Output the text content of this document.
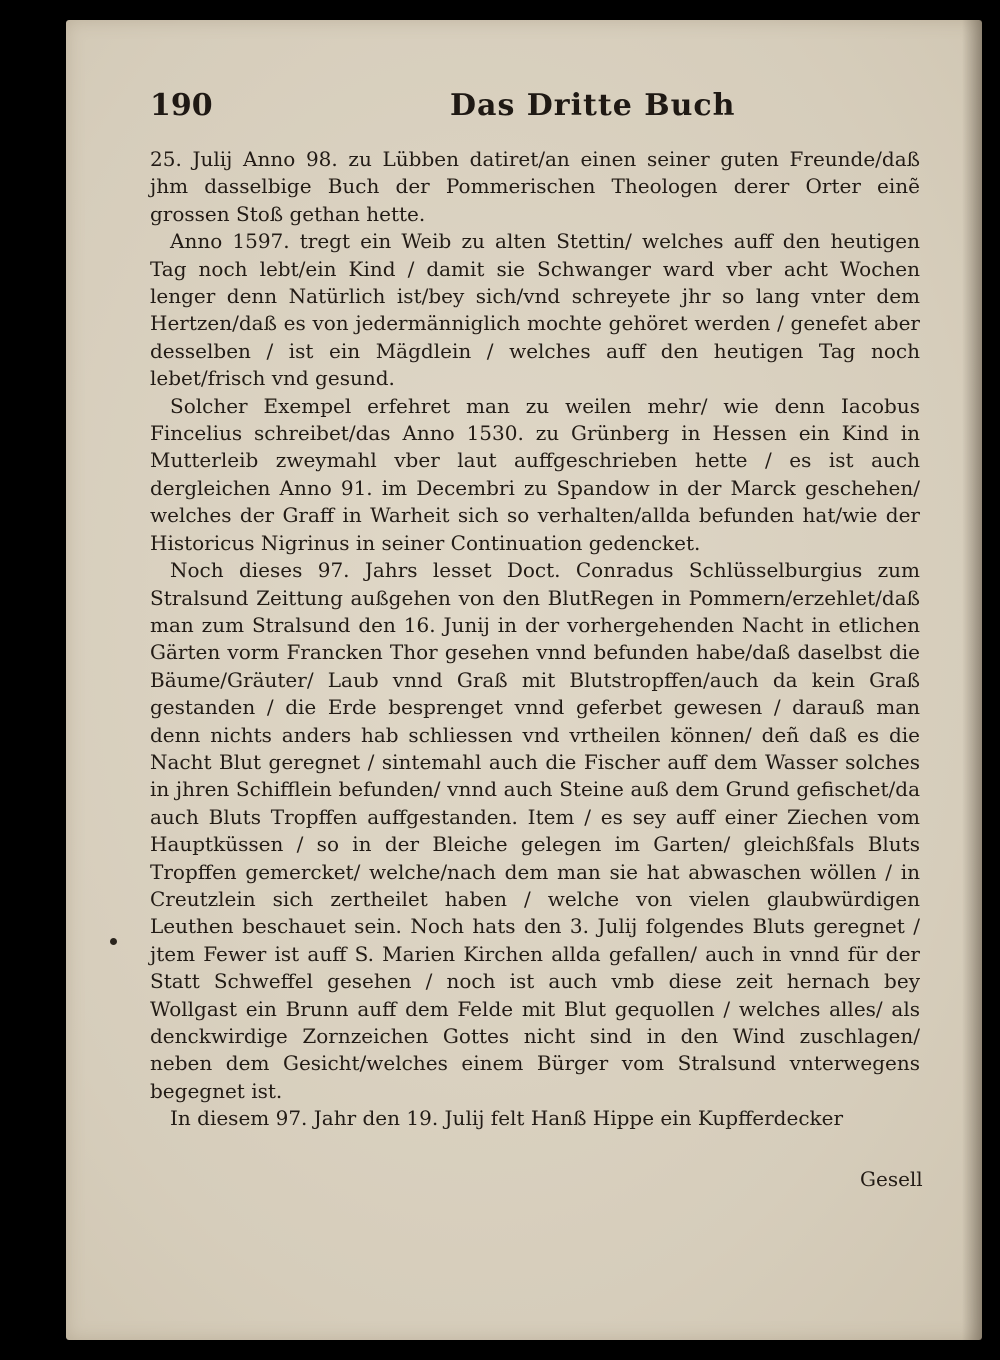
190	Das Dritte Buch

25. Julij Anno 98. zu Lübben datiret/an einen seiner guten Freunde/daß jhm dasselbige Buch der Pommerischen Theologen derer Orter einẽ grossen Stoß gethan hette.

Anno 1597. tregt ein Weib zu alten Stettin/ welches auff den heutigen Tag noch lebt/ein Kind / damit sie Schwanger ward vber acht Wochen lenger denn Natürlich ist/bey sich/vnd schreyete jhr so lang vnter dem Hertzen/daß es von jedermänniglich mochte gehöret werden / genefet aber desselben / ist ein Mägdlein / welches auff den heutigen Tag noch lebet/frisch vnd gesund.

Solcher Exempel erfehret man zu weilen mehr/ wie denn Iacobus Fincelius schreibet/das Anno 1530. zu Grünberg in Hessen ein Kind in Mutterleib zweymahl vber laut auffgeschrieben hette / es ist auch dergleichen Anno 91. im Decembri zu Spandow in der Marck geschehen/ welches der Graff in Warheit sich so verhalten/allda befunden hat/wie der Historicus Nigrinus in seiner Continuation gedencket.

Noch dieses 97. Jahrs lesset Doct. Conradus Schlüsselburgius zum Stralsund Zeittung außgehen von den BlutRegen in Pommern/erzehlet/daß man zum Stralsund den 16. Junij in der vorhergehenden Nacht in etlichen Gärten vorm Francken Thor gesehen vnnd befunden habe/daß daselbst die Bäume/Gräuter/ Laub vnnd Graß mit Blutstropffen/auch da kein Graß gestanden / die Erde besprenget vnnd geferbet gewesen / darauß man denn nichts anders hab schliessen vnd vrtheilen können/ deñ daß es die Nacht Blut geregnet / sintemahl auch die Fischer auff dem Wasser solches in jhren Schifflein befunden/ vnnd auch Steine auß dem Grund gefischet/da auch Bluts Tropffen auffgestanden. Item / es sey auff einer Ziechen vom Hauptküssen / so in der Bleiche gelegen im Garten/ gleichßfals Bluts Tropffen gemercket/ welche/nach dem man sie hat abwaschen wöllen / in Creutzlein sich zertheilet haben / welche von vielen glaubwürdigen Leuthen beschauet sein. Noch hats den 3. Julij folgendes Bluts geregnet / jtem Fewer ist auff S. Marien Kirchen allda gefallen/ auch in vnnd für der Statt Schweffel gesehen / noch ist auch vmb diese zeit hernach bey Wollgast ein Brunn auff dem Felde mit Blut gequollen / welches alles/ als denckwirdige Zornzeichen Gottes nicht sind in den Wind zuschlagen/ neben dem Gesicht/welches einem Bürger vom Stralsund vnterwegens begegnet ist.

In diesem 97. Jahr den 19. Julij felt Hanß Hippe ein Kupfferdecker

Gesell
